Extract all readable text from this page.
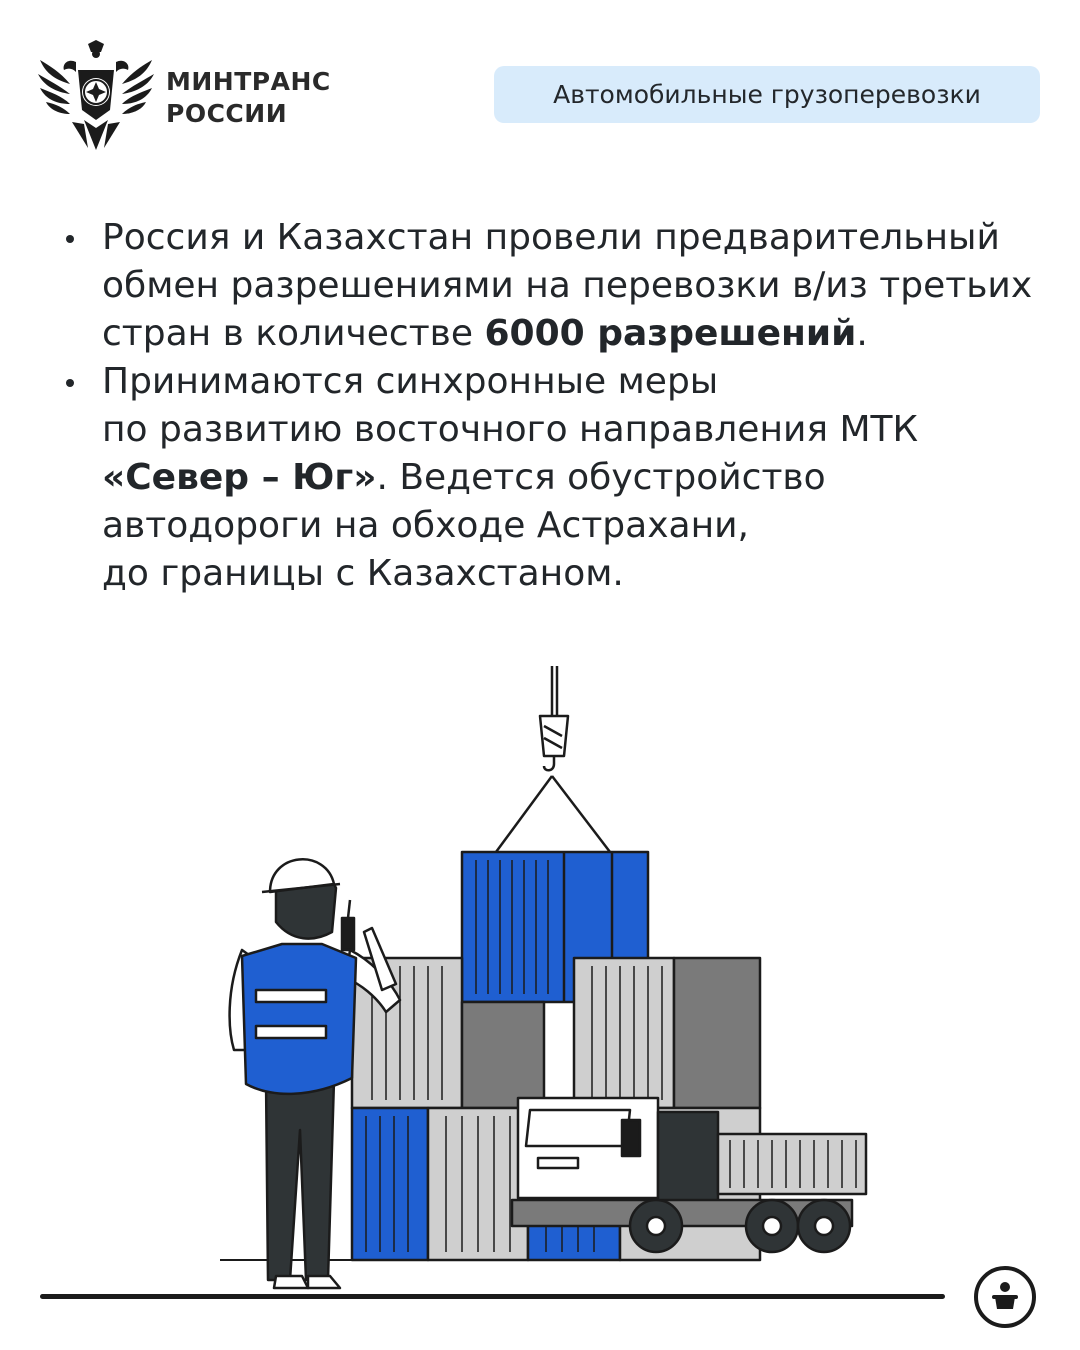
МИНТРАНС
РОССИИ
Автомобильные грузоперевозки
Россия и Казахстан провели предварительный обмен разрешениями на перевозки в/из третьих стран в количестве 6000 разрешений.
Принимаются синхронные меры
по развитию восточного направления МТК
«Север – Юг». Ведется обустройство
автодороги на обходе Астрахани,
до границы с Казахстаном.
